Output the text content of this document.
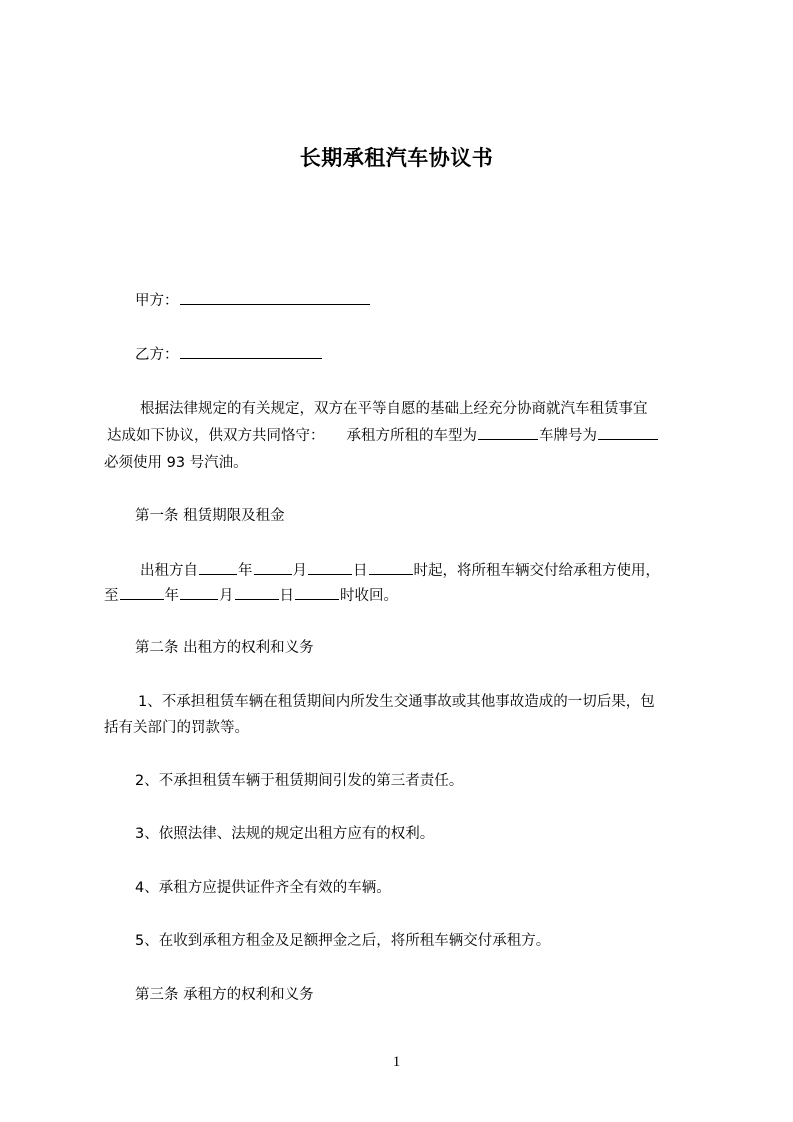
长期承租汽车协议书
甲方：
乙方：
根据法律规定的有关规定，双方在平等自愿的基础上经充分协商就汽车租赁事宜
达成如下协议，供双方共同恪守： 承租方所租的车型为	车牌号为
必须使用 93 号汽油。
第一条 租赁期限及租金
出租方自	年	月	日	时起，将所租车辆交付给承租方使用，
至	年	月	日	时收回。
第二条 出租方的权利和义务
1、不承担租赁车辆在租赁期间内所发生交通事故或其他事故造成的一切后果，包
括有关部门的罚款等。
2、不承担租赁车辆于租赁期间引发的第三者责任。
3、依照法律、法规的规定出租方应有的权利。
4、承租方应提供证件齐全有效的车辆。
5、在收到承租方租金及足额押金之后，将所租车辆交付承租方。
第三条 承租方的权利和义务
1
